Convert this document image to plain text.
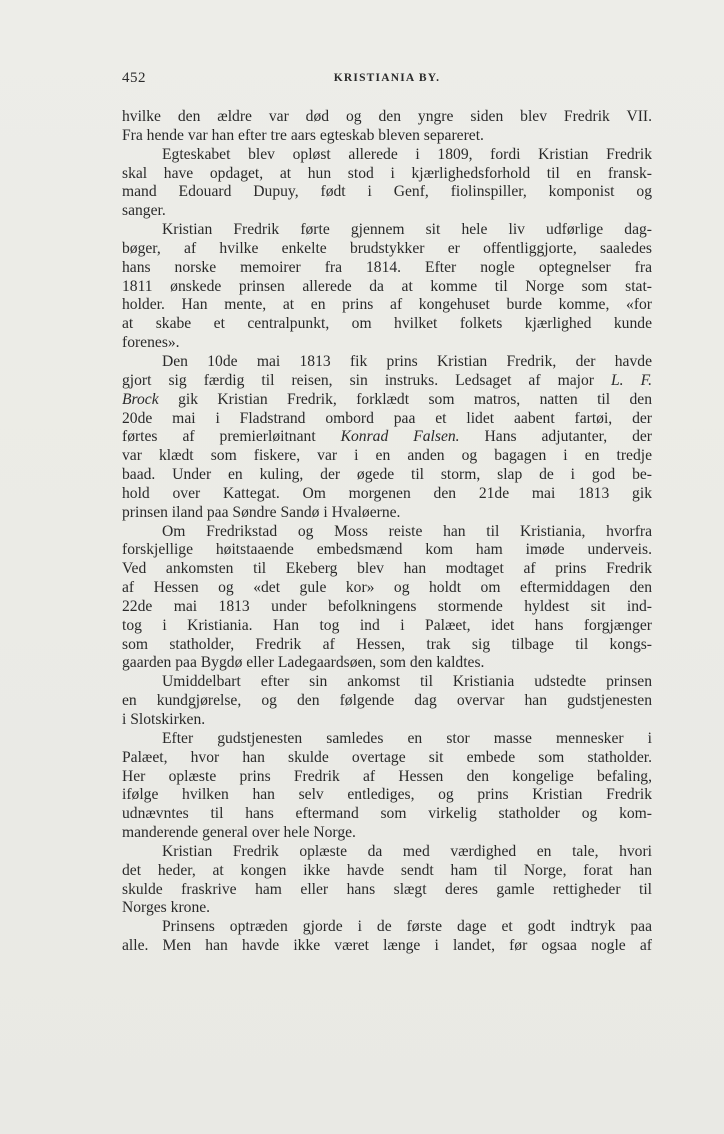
452	KRISTIANIA BY.
hvilke den ældre var død og den yngre siden blev Fredrik VII.
Fra hende var han efter tre aars egteskab bleven separeret.
Egteskabet blev opløst allerede i 1809, fordi Kristian Fredrik
skal have opdaget, at hun stod i kjærlighedsforhold til en fransk-
mand Edouard Dupuy, født i Genf, fiolinspiller, komponist og
sanger.
Kristian Fredrik førte gjennem sit hele liv udførlige dag-
bøger, af hvilke enkelte brudstykker er offentliggjorte, saaledes
hans norske memoirer fra 1814. Efter nogle optegnelser fra
1811 ønskede prinsen allerede da at komme til Norge som stat-
holder. Han mente, at en prins af kongehuset burde komme, «for
at skabe et centralpunkt, om hvilket folkets kjærlighed kunde
forenes».
Den 10de mai 1813 fik prins Kristian Fredrik, der havde
gjort sig færdig til reisen, sin instruks. Ledsaget af major L. F.
Brock gik Kristian Fredrik, forklædt som matros, natten til den
20de mai i Fladstrand ombord paa et lidet aabent fartøi, der
førtes af premierløitnant Konrad Falsen. Hans adjutanter, der
var klædt som fiskere, var i en anden og bagagen i en tredje
baad. Under en kuling, der øgede til storm, slap de i god be-
hold over Kattegat. Om morgenen den 21de mai 1813 gik
prinsen iland paa Søndre Sandø i Hvaløerne.
Om Fredrikstad og Moss reiste han til Kristiania, hvorfra
forskjellige høitstaaende embedsmænd kom ham imøde underveis.
Ved ankomsten til Ekeberg blev han modtaget af prins Fredrik
af Hessen og «det gule kor» og holdt om eftermiddagen den
22de mai 1813 under befolkningens stormende hyldest sit ind-
tog i Kristiania. Han tog ind i Palæet, idet hans forgjænger
som statholder, Fredrik af Hessen, trak sig tilbage til kongs-
gaarden paa Bygdø eller Ladegaardsøen, som den kaldtes.
Umiddelbart efter sin ankomst til Kristiania udstedte prinsen
en kundgjørelse, og den følgende dag overvar han gudstjenesten
i Slotskirken.
Efter gudstjenesten samledes en stor masse mennesker i
Palæet, hvor han skulde overtage sit embede som statholder.
Her oplæste prins Fredrik af Hessen den kongelige befaling,
ifølge hvilken han selv entlediges, og prins Kristian Fredrik
udnævntes til hans eftermand som virkelig statholder og kom-
manderende general over hele Norge.
Kristian Fredrik oplæste da med værdighed en tale, hvori
det heder, at kongen ikke havde sendt ham til Norge, forat han
skulde fraskrive ham eller hans slægt deres gamle rettigheder til
Norges krone.
Prinsens optræden gjorde i de første dage et godt indtryk paa
alle. Men han havde ikke været længe i landet, før ogsaa nogle af
